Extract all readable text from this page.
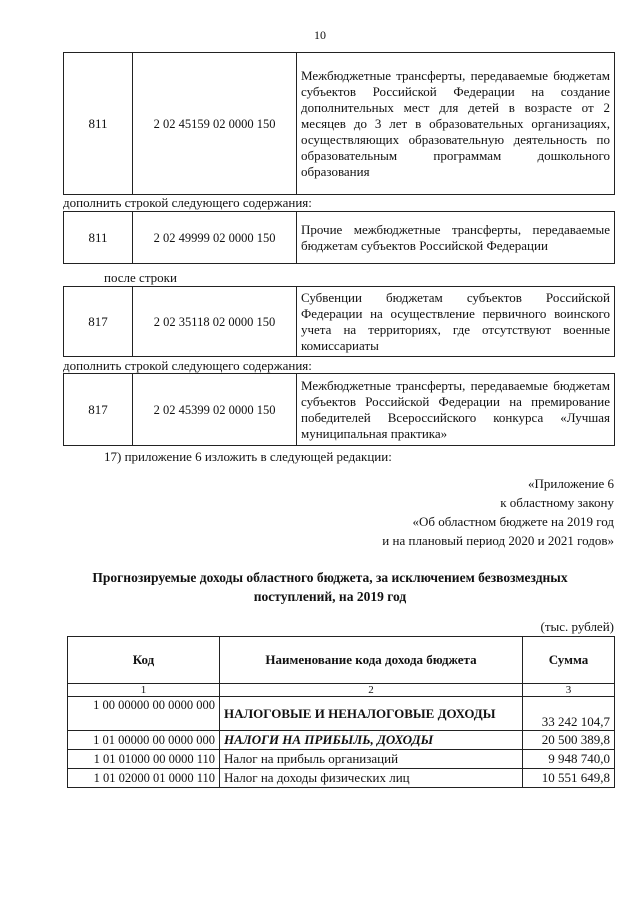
10
811	2 02 45159 02 0000 150	Межбюджетные трансферты, передаваемые бюджетам субъектов Российской Федерации на создание дополнительных мест для детей в возрасте от 2 месяцев до 3 лет в образовательных организациях, осуществляющих образовательную деятельность по образовательным программам дошкольного образования
дополнить строкой следующего содержания:
811	2 02 49999 02 0000 150	Прочие межбюджетные трансферты, передаваемые бюджетам субъектов Российской Федерации
после строки
817	2 02 35118 02 0000 150	Субвенции бюджетам субъектов Российской Федерации на осуществление первичного воинского учета на территориях, где отсутствуют военные комиссариаты
дополнить строкой следующего содержания:
817	2 02 45399 02 0000 150	Межбюджетные трансферты, передаваемые бюджетам субъектов Российской Федерации на премирование победителей Всероссийского конкурса «Лучшая муниципальная практика»
17) приложение 6 изложить в следующей редакции:
«Приложение 6
к областному закону
«Об областном бюджете на 2019 год
и на плановый период 2020 и 2021 годов»
Прогнозируемые доходы областного бюджета, за исключением безвозмездных
поступлений, на 2019 год
(тыс. рублей)
Код	Наименование кода дохода бюджета	Сумма
1	2	3
1 00 00000 00 0000 000	НАЛОГОВЫЕ И НЕНАЛОГОВЫЕ ДОХОДЫ	33 242 104,7
1 01 00000 00 0000 000	НАЛОГИ НА ПРИБЫЛЬ, ДОХОДЫ	20 500 389,8
1 01 01000 00 0000 110	Налог на прибыль организаций	9 948 740,0
1 01 02000 01 0000 110	Налог на доходы физических лиц	10 551 649,8
